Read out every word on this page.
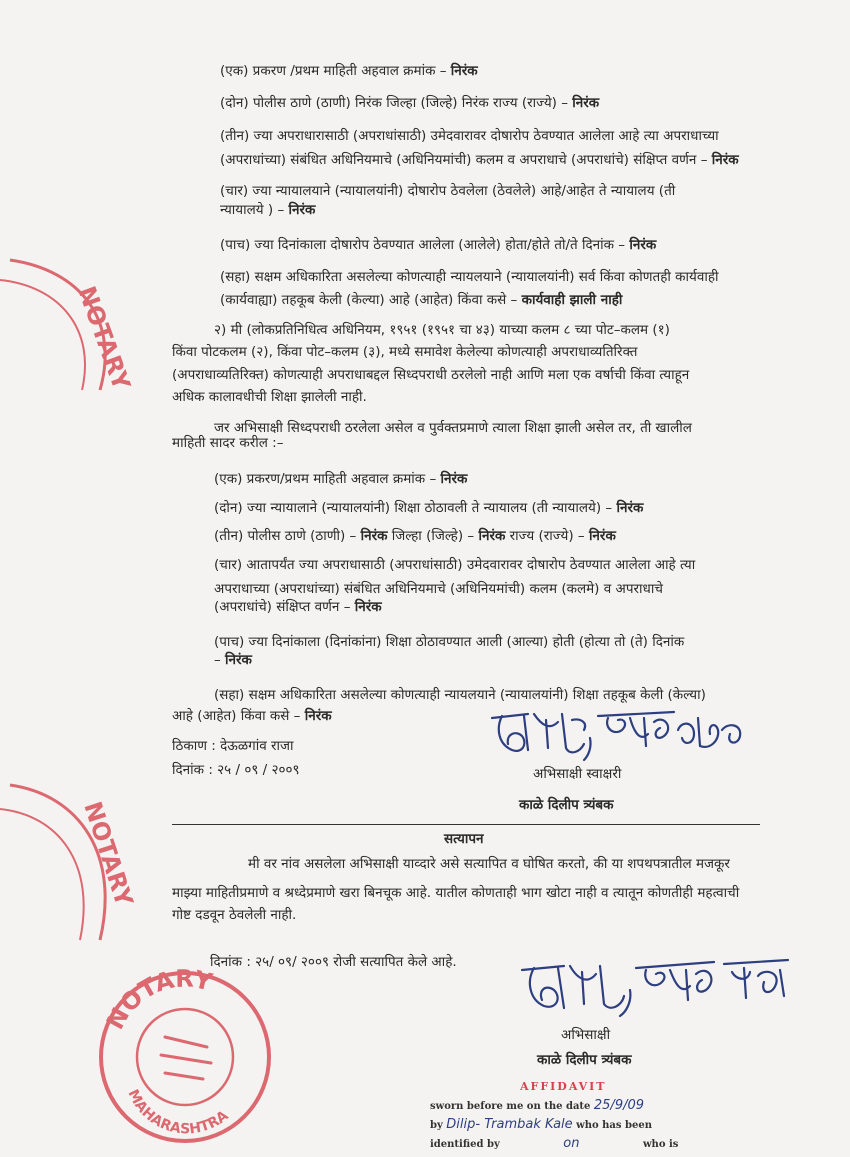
(एक) प्रकरण /प्रथम माहिती अहवाल क्रमांक – निरंक
(दोन) पोलीस ठाणे (ठाणी) निरंक जिल्हा (जिल्हे) निरंक राज्य (राज्ये) – निरंक
(तीन) ज्या अपराधारासाठी (अपराधांसाठी) उमेदवारावर दोषारोप ठेवण्यात आलेला आहे त्या अपराधाच्या
(अपराधांच्या) संबंधित अधिनियमाचे (अधिनियमांची) कलम व अपराधाचे (अपराधांचे) संक्षिप्त वर्णन – निरंक
(चार) ज्या न्यायालयाने (न्यायालयांनी) दोषारोप ठेवलेला (ठेवलेले) आहे/आहेत ते न्यायालय (ती
न्यायालये ) – निरंक
(पाच) ज्या दिनांकाला दोषारोप ठेवण्यात आलेला (आलेले) होता/होते तो/ते दिनांक – निरंक
(सहा) सक्षम अधिकारिता असलेल्या कोणत्याही न्यायलयाने (न्यायालयांनी) सर्व किंवा कोणतही कार्यवाही
(कार्यवाह्या) तहकूब केली (केल्या) आहे (आहेत) किंवा कसे – कार्यवाही झाली नाही
२) मी (लोकप्रतिनिधित्व अधिनियम, १९५१ (१९५१ चा ४३) याच्या कलम ८ च्या पोट–कलम (१)
किंवा पोटकलम (२), किंवा पोट–कलम (३), मध्ये समावेश केलेल्या कोणत्याही अपराधाव्यतिरिक्त
(अपराधाव्यतिरिक्त) कोणत्याही अपराधाबद्दल सिध्दपराधी ठरलेलो नाही आणि मला एक वर्षाची किंवा त्याहून
अधिक कालावधीची शिक्षा झालेली नाही.
जर अभिसाक्षी सिध्दपराधी ठरलेला असेल व पुर्वक्तप्रमाणे त्याला शिक्षा झाली असेल तर, ती खालील
माहिती सादर करील :–
(एक) प्रकरण/प्रथम माहिती अहवाल क्रमांक – निरंक
(दोन) ज्या न्यायालाने (न्यायालयांनी) शिक्षा ठोठावली ते न्यायालय (ती न्यायालये) – निरंक
(तीन) पोलीस ठाणे (ठाणी) – निरंक जिल्हा (जिल्हे) – निरंक राज्य (राज्ये) – निरंक
(चार) आतापर्यंत ज्या अपराधासाठी (अपराधांसाठी) उमेदवारावर दोषारोप ठेवण्यात आलेला आहे त्या
अपराधाच्या (अपराधांच्या) संबंधित अधिनियमाचे (अधिनियमांची) कलम (कलमे) व अपराधाचे
(अपराधांचे) संक्षिप्त वर्णन – निरंक
(पाच) ज्या दिनांकाला (दिनांकांना) शिक्षा ठोठावण्यात आली (आल्या) होती (होत्या तो (ते) दिनांक
– निरंक
(सहा) सक्षम अधिकारिता असलेल्या कोणत्याही न्यायलयाने (न्यायालयांनी) शिक्षा तहकूब केली (केल्या)
आहे (आहेत) किंवा कसे – निरंक
ठिकाण : देऊळगांव राजा
दिनांक : २५ / ०९ / २००९	अभिसाक्षी स्वाक्षरी
काळे दिलीप त्र्यंबक
सत्यापन
मी वर नांव असलेला अभिसाक्षी याव्दारे असे सत्यापित व घोषित करतो, की या शपथपत्रातील मजकूर
माझ्या माहितीप्रमाणे व श्रध्देप्रमाणे खरा बिनचूक आहे. यातील कोणताही भाग खोटा नाही व त्यातून कोणतीही महत्वाची
गोष्ट दडवून ठेवलेली नाही.
दिनांक : २५/ ०९/ २००९ रोजी सत्यापित केले आहे.
अभिसाक्षी
काळे दिलीप त्र्यंबक
NOTARY
NOTARY
NOTARY
MAHARASHTRA
AFFIDAVIT
sworn before me on the date 25/9/09
by Dilip- Trambak Kale who has been
identified by	on	who is
